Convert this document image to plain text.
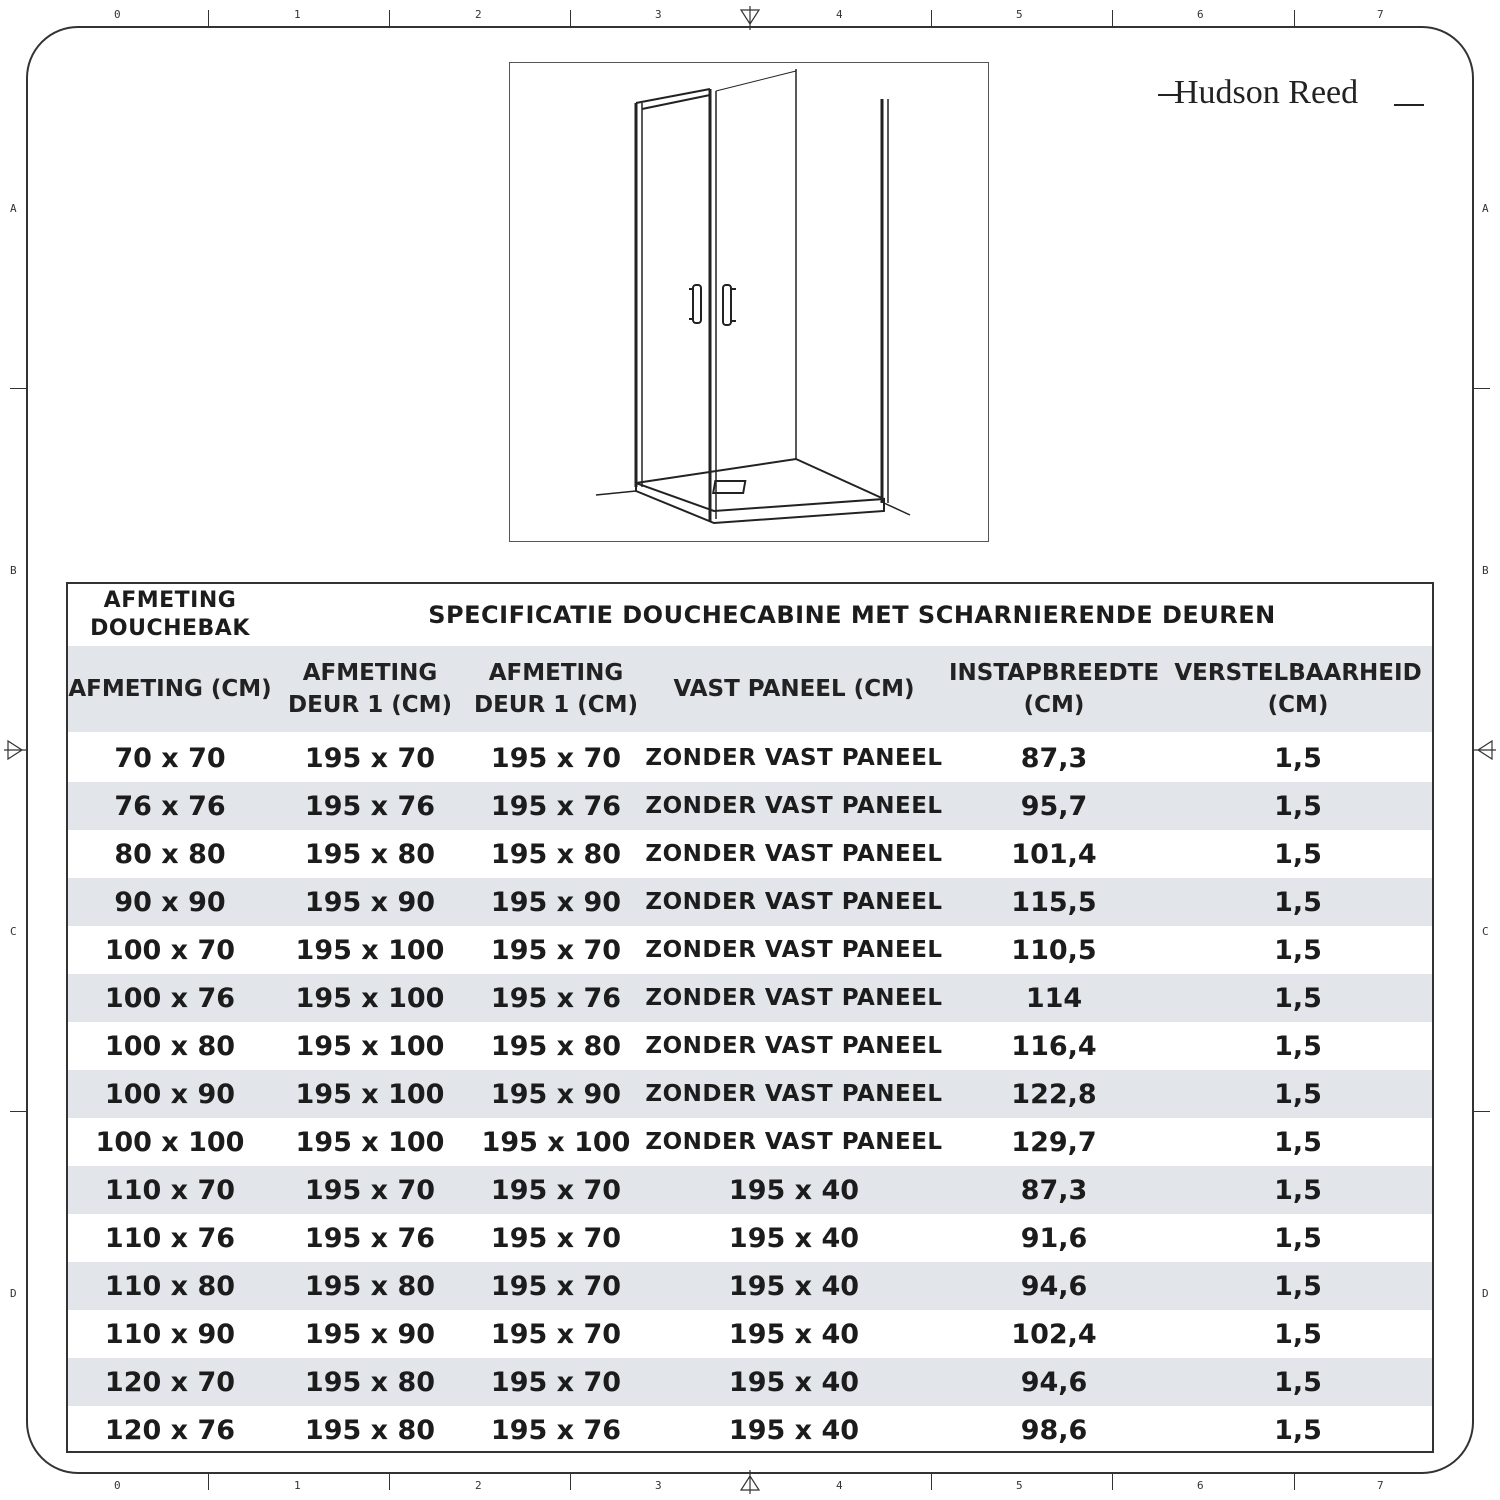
0
0
1
1
2
2
3
3
4
4
5
5
6
6
7
7
A	A
B	B
C	C
D	D
Hudson Reed
AFMETING DOUCHEBAK	SPECIFICATIE DOUCHECABINE MET SCHARNIERENDE DEUREN				
AFMETING (CM)	AFMETING DEUR 1 (CM)	AFMETING DEUR 1 (CM)	VAST PANEEL (CM)	INSTAPBREEDTE (CM)	VERSTELBAARHEID (CM)
70 x 70	195 x 70	195 x 70	ZONDER VAST PANEEL	87,3	1,5
76 x 76	195 x 76	195 x 76	ZONDER VAST PANEEL	95,7	1,5
80 x 80	195 x 80	195 x 80	ZONDER VAST PANEEL	101,4	1,5
90 x 90	195 x 90	195 x 90	ZONDER VAST PANEEL	115,5	1,5
100 x 70	195 x 100	195 x 70	ZONDER VAST PANEEL	110,5	1,5
100 x 76	195 x 100	195 x 76	ZONDER VAST PANEEL	114	1,5
100 x 80	195 x 100	195 x 80	ZONDER VAST PANEEL	116,4	1,5
100 x 90	195 x 100	195 x 90	ZONDER VAST PANEEL	122,8	1,5
100 x 100	195 x 100	195 x 100	ZONDER VAST PANEEL	129,7	1,5
110 x 70	195 x 70	195 x 70	195 x 40	87,3	1,5
110 x 76	195 x 76	195 x 70	195 x 40	91,6	1,5
110 x 80	195 x 80	195 x 70	195 x 40	94,6	1,5
110 x 90	195 x 90	195 x 70	195 x 40	102,4	1,5
120 x 70	195 x 80	195 x 70	195 x 40	94,6	1,5
120 x 76	195 x 80	195 x 76	195 x 40	98,6	1,5
